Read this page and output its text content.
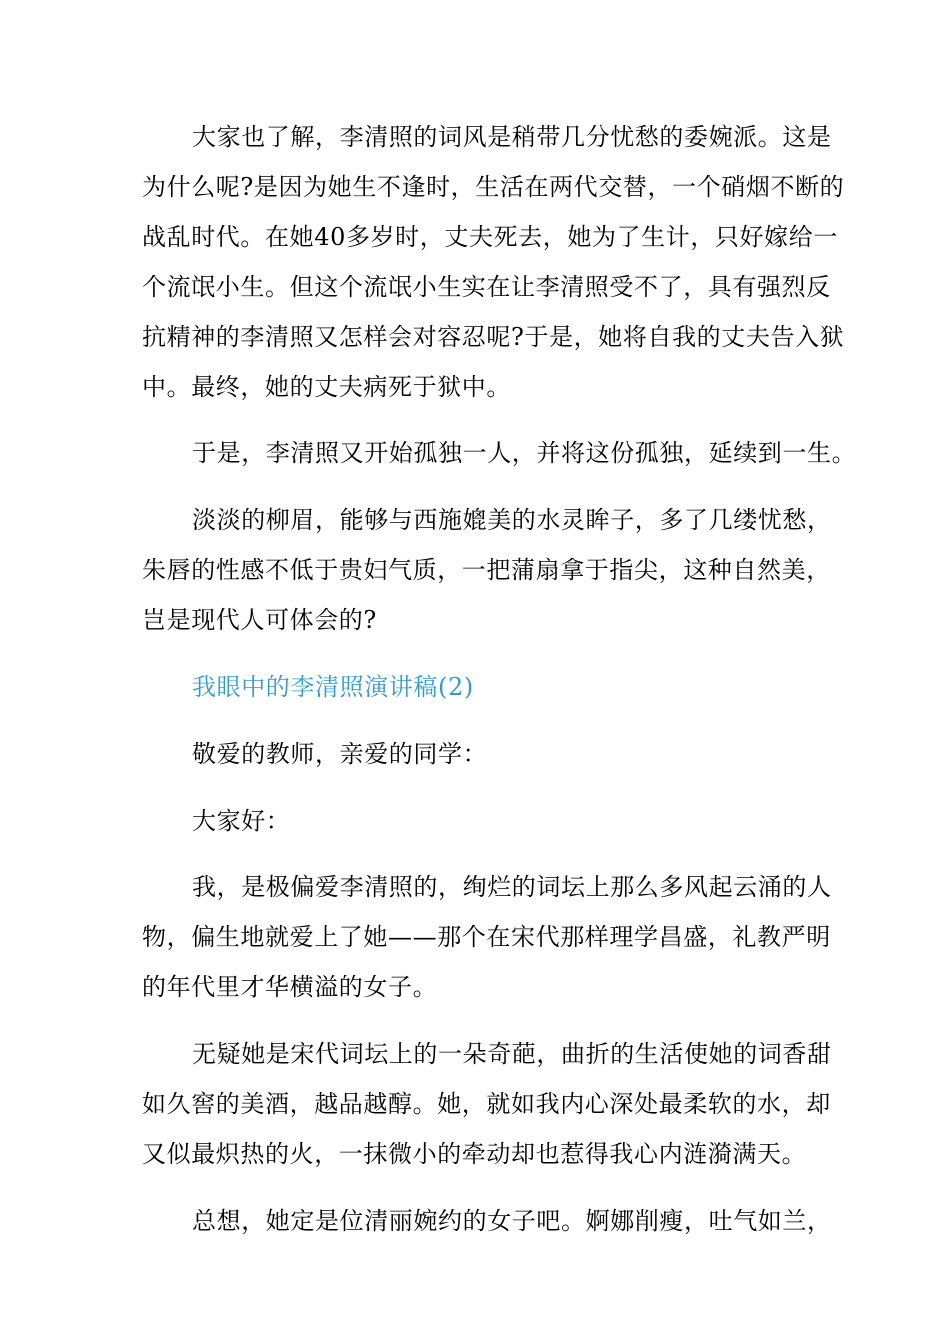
大家也了解，李清照的词风是稍带几分忧愁的委婉派。这是
为什么呢?是因为她生不逢时，生活在两代交替，一个硝烟不断的
战乱时代。在她40多岁时，丈夫死去，她为了生计，只好嫁给一
个流氓小生。但这个流氓小生实在让李清照受不了，具有强烈反
抗精神的李清照又怎样会对容忍呢?于是，她将自我的丈夫告入狱
中。最终，她的丈夫病死于狱中。
于是，李清照又开始孤独一人，并将这份孤独，延续到一生。
淡淡的柳眉，能够与西施媲美的水灵眸子，多了几缕忧愁，
朱唇的性感不低于贵妇气质，一把蒲扇拿于指尖，这种自然美，
岂是现代人可体会的?
我眼中的李清照演讲稿(2)
敬爱的教师，亲爱的同学：
大家好：
我，是极偏爱李清照的，绚烂的词坛上那么多风起云涌的人
物，偏生地就爱上了她——那个在宋代那样理学昌盛，礼教严明
的年代里才华横溢的女子。
无疑她是宋代词坛上的一朵奇葩，曲折的生活使她的词香甜
如久窖的美酒，越品越醇。她，就如我内心深处最柔软的水，却
又似最炽热的火，一抹微小的牵动却也惹得我心内涟漪满天。
总想，她定是位清丽婉约的女子吧。婀娜削瘦，吐气如兰，
